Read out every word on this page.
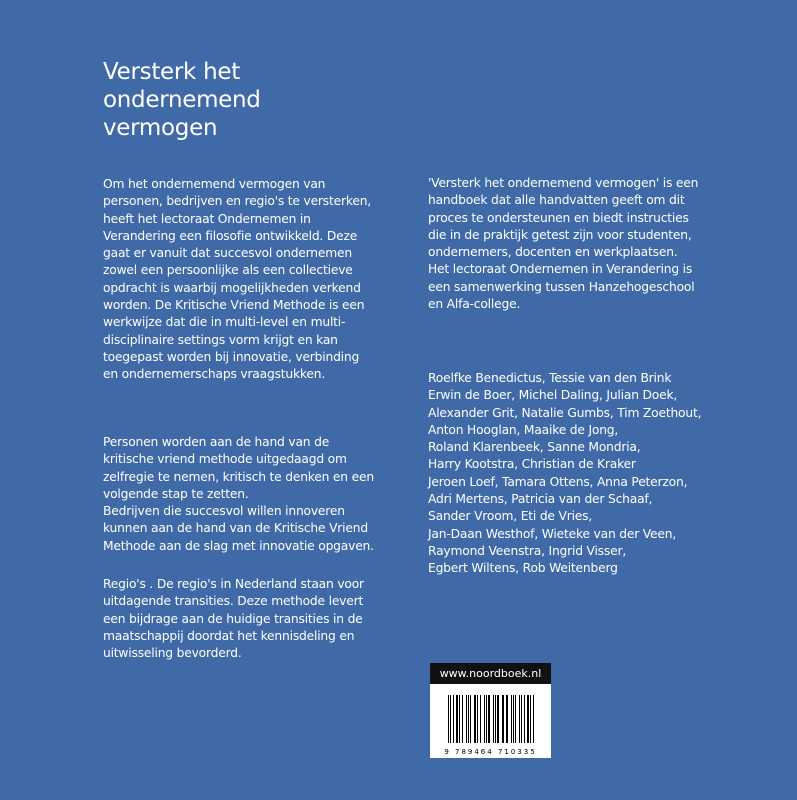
Versterk het
ondernemend
vermogen
Om het ondernemend vermogen van
personen, bedrijven en regio's te versterken,
heeft het lectoraat Ondernemen in
Verandering een filosofie ontwikkeld. Deze
gaat er vanuit dat succesvol ondernemen
zowel een persoonlijke als een collectieve
opdracht is waarbij mogelijkheden verkend
worden. De Kritische Vriend Methode is een
werkwijze dat die in multi-level en multi-
disciplinaire settings vorm krijgt en kan
toegepast worden bij innovatie, verbinding
en ondernemerschaps vraagstukken.
Personen worden aan de hand van de
kritische vriend methode uitgedaagd om
zelfregie te nemen, kritisch te denken en een
volgende stap te zetten.
Bedrijven die succesvol willen innoveren
kunnen aan de hand van de Kritische Vriend
Methode aan de slag met innovatie opgaven.
Regio's . De regio's in Nederland staan voor
uitdagende transities. Deze methode levert
een bijdrage aan de huidige transities in de
maatschappij doordat het kennisdeling en
uitwisseling bevorderd.
'Versterk het ondernemend vermogen' is een
handboek dat alle handvatten geeft om dit
proces te ondersteunen en biedt instructies
die in de praktijk getest zijn voor studenten,
ondernemers, docenten en werkplaatsen.
Het lectoraat Ondernemen in Verandering is
een samenwerking tussen Hanzehogeschool
en Alfa-college.
Roelfke Benedictus, Tessie van den Brink
Erwin de Boer, Michel Daling, Julian Doek,
Alexander Grit, Natalie Gumbs, Tim Zoethout,
Anton Hooglan, Maaike de Jong,
Roland Klarenbeek, Sanne Mondria,
Harry Kootstra, Christian de Kraker
Jeroen Loef, Tamara Ottens, Anna Peterzon,
Adri Mertens, Patricia van der Schaaf,
Sander Vroom, Eti de Vries,
Jan-Daan Westhof, Wieteke van der Veen,
Raymond Veenstra, Ingrid Visser,
Egbert Wiltens, Rob Weitenberg
www.noordboek.nl
9 789464 710335
